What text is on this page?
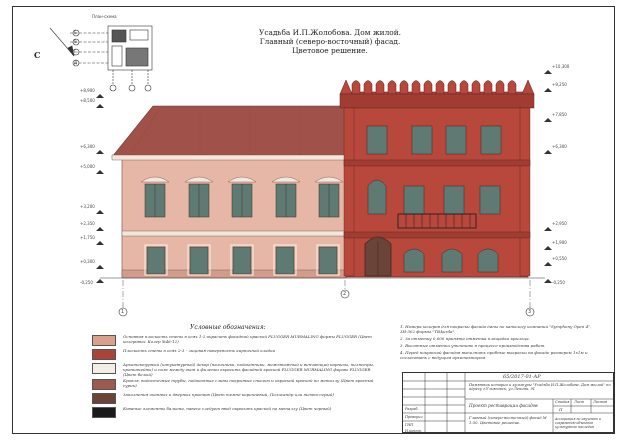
Усадьба И.П.Жолобова. Дом жилой.
Главный (северо-восточный) фасад.
Цветовое решение.
План-схема
С
Б
В
Г
Д
+8,900
+8,500
+6,300
+5,000
+3,200
+2,350
+1,750
+0,300
-0,250
+10,300
+9,250
+7,850
+6,300
+2,950
+1,900
+0,550
-0,250
1
2
3
Условные обозначения:
Основная плоскость стены в осях 1-2 окрасить фасадной краской FLUGGER MURMALING фирмы FLUGGER (Цвет колеровки: Колер №46-12)
Плоскость стены в осях 2-3 - лицевая поверхность кирпичной кладки
Архитектурный (штукатурный) декор (наличники, подоконники, межэтажный и венчающий карнизы, пилястры, кронштейны) и пояс между окон и филенки окрасить фасадной краской FLUGGER MURMALING фирмы FLUGGER (Цвет белый)
Кровля, водосточные трубы, подоконные сливы покрытые сталью и окраской краской по металлу (Цвет красный сурик)
Заполнения оконных и дверных проемов (Цвет темно-коричневый, Полисандр или темно-серый)
Кованые элементы балкона, навеса следует ввод окрасить краской по металлу (Цвет черный)
1. Номера колеров для покраски фасада даны по каталогу компании "Symphony Ореп 4", 3Н-302 фирмы "Tikkurila".
2. За отметку 0,000 принята отметка площадки крыльца.
3. Высотные отметки уточнить в процессе производства работ.
4. Перед покраской фасадов выполнить пробные выкраски на фасаде размером 1х1м и согласовать с ведущим архитектором.
65/2017-01-АР
Памятник истории и культуры "Усадьба И.П.Жолобова. Дом жилой" по адресу г.Ульяновск, ул.Ленина, 91
Проект реставрации фасадов
Главный (северо-восточный) фасад М 1:50. Цветовое решение.
Стадия Лист	Листов
П
Ассоциация по изучению и сохранению объектов культурного наследия
Разраб.
Проверил
ГИП
Н.контр.
